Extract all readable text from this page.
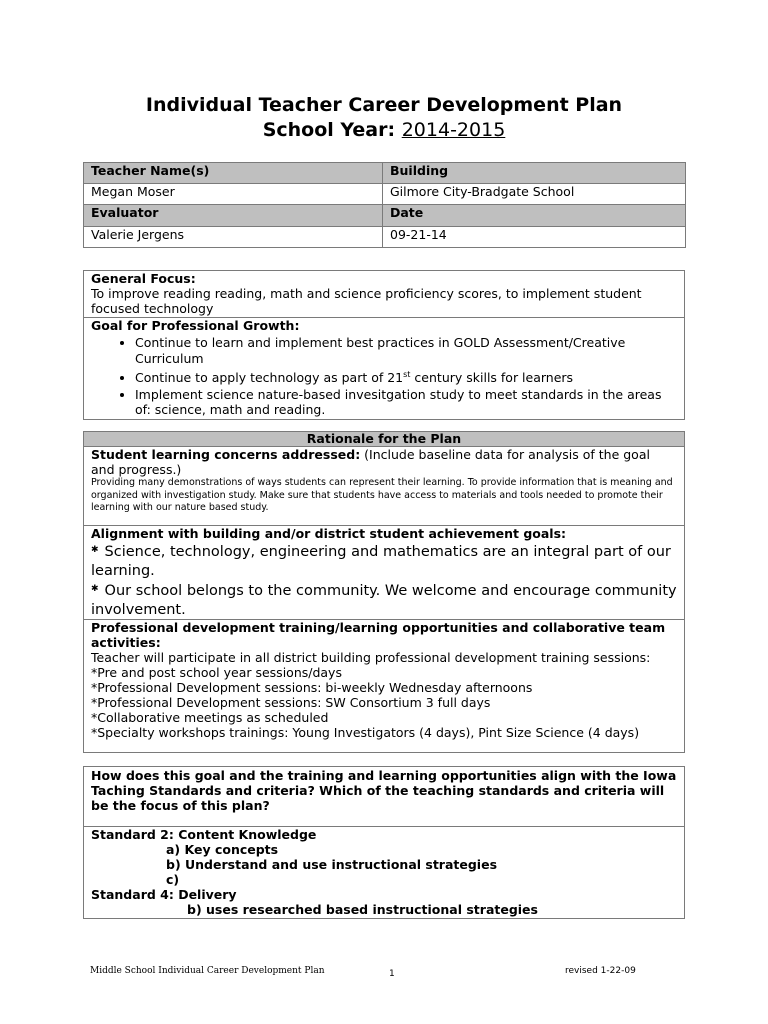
Individual Teacher Career Development Plan
School Year: 2014-2015
Teacher Name(s)	Building
Megan Moser	Gilmore City-Bradgate School
Evaluator	Date
Valerie Jergens	09-21-14
General Focus:
To improve reading reading, math and science proficiency scores, to implement student focused technology

Goal for Professional Growth:
• Continue to learn and implement best practices in GOLD Assessment/Creative Curriculum
• Continue to apply technology as part of 21st century skills for learners
• Implement science nature-based invesitgation study to meet standards in the areas of: science, math and reading.
Rationale for the Plan

Student learning concerns addressed: (Include baseline data for analysis of the goal and progress.)
Providing many demonstrations of ways students can represent their learning. To provide information that is meaning and organized with investigation study. Make sure that students have access to materials and tools needed to promote their learning with our nature based study.

Alignment with building and/or district student achievement goals:
✱ Science, technology, engineering and mathematics are an integral part of our learning.
✱ Our school belongs to the community. We welcome and encourage community involvement.

Professional development training/learning opportunities and collaborative team activities:
Teacher will participate in all district building professional development training sessions:
*Pre and post school year sessions/days
*Professional Development sessions: bi-weekly Wednesday afternoons
*Professional Development sessions: SW Consortium 3 full days
*Collaborative meetings as scheduled
*Specialty workshops trainings: Young Investigators (4 days), Pint Size Science (4 days)
How does this goal and the training and learning opportunities align with the Iowa Taching Standards and criteria? Which of the teaching standards and criteria will be the focus of this plan?

Standard 2: Content Knowledge
a) Key concepts
b) Understand and use instructional strategies
c)
Standard 4: Delivery
b) uses researched based instructional strategies
Middle School Individual Career Development Plan	1	revised 1-22-09
